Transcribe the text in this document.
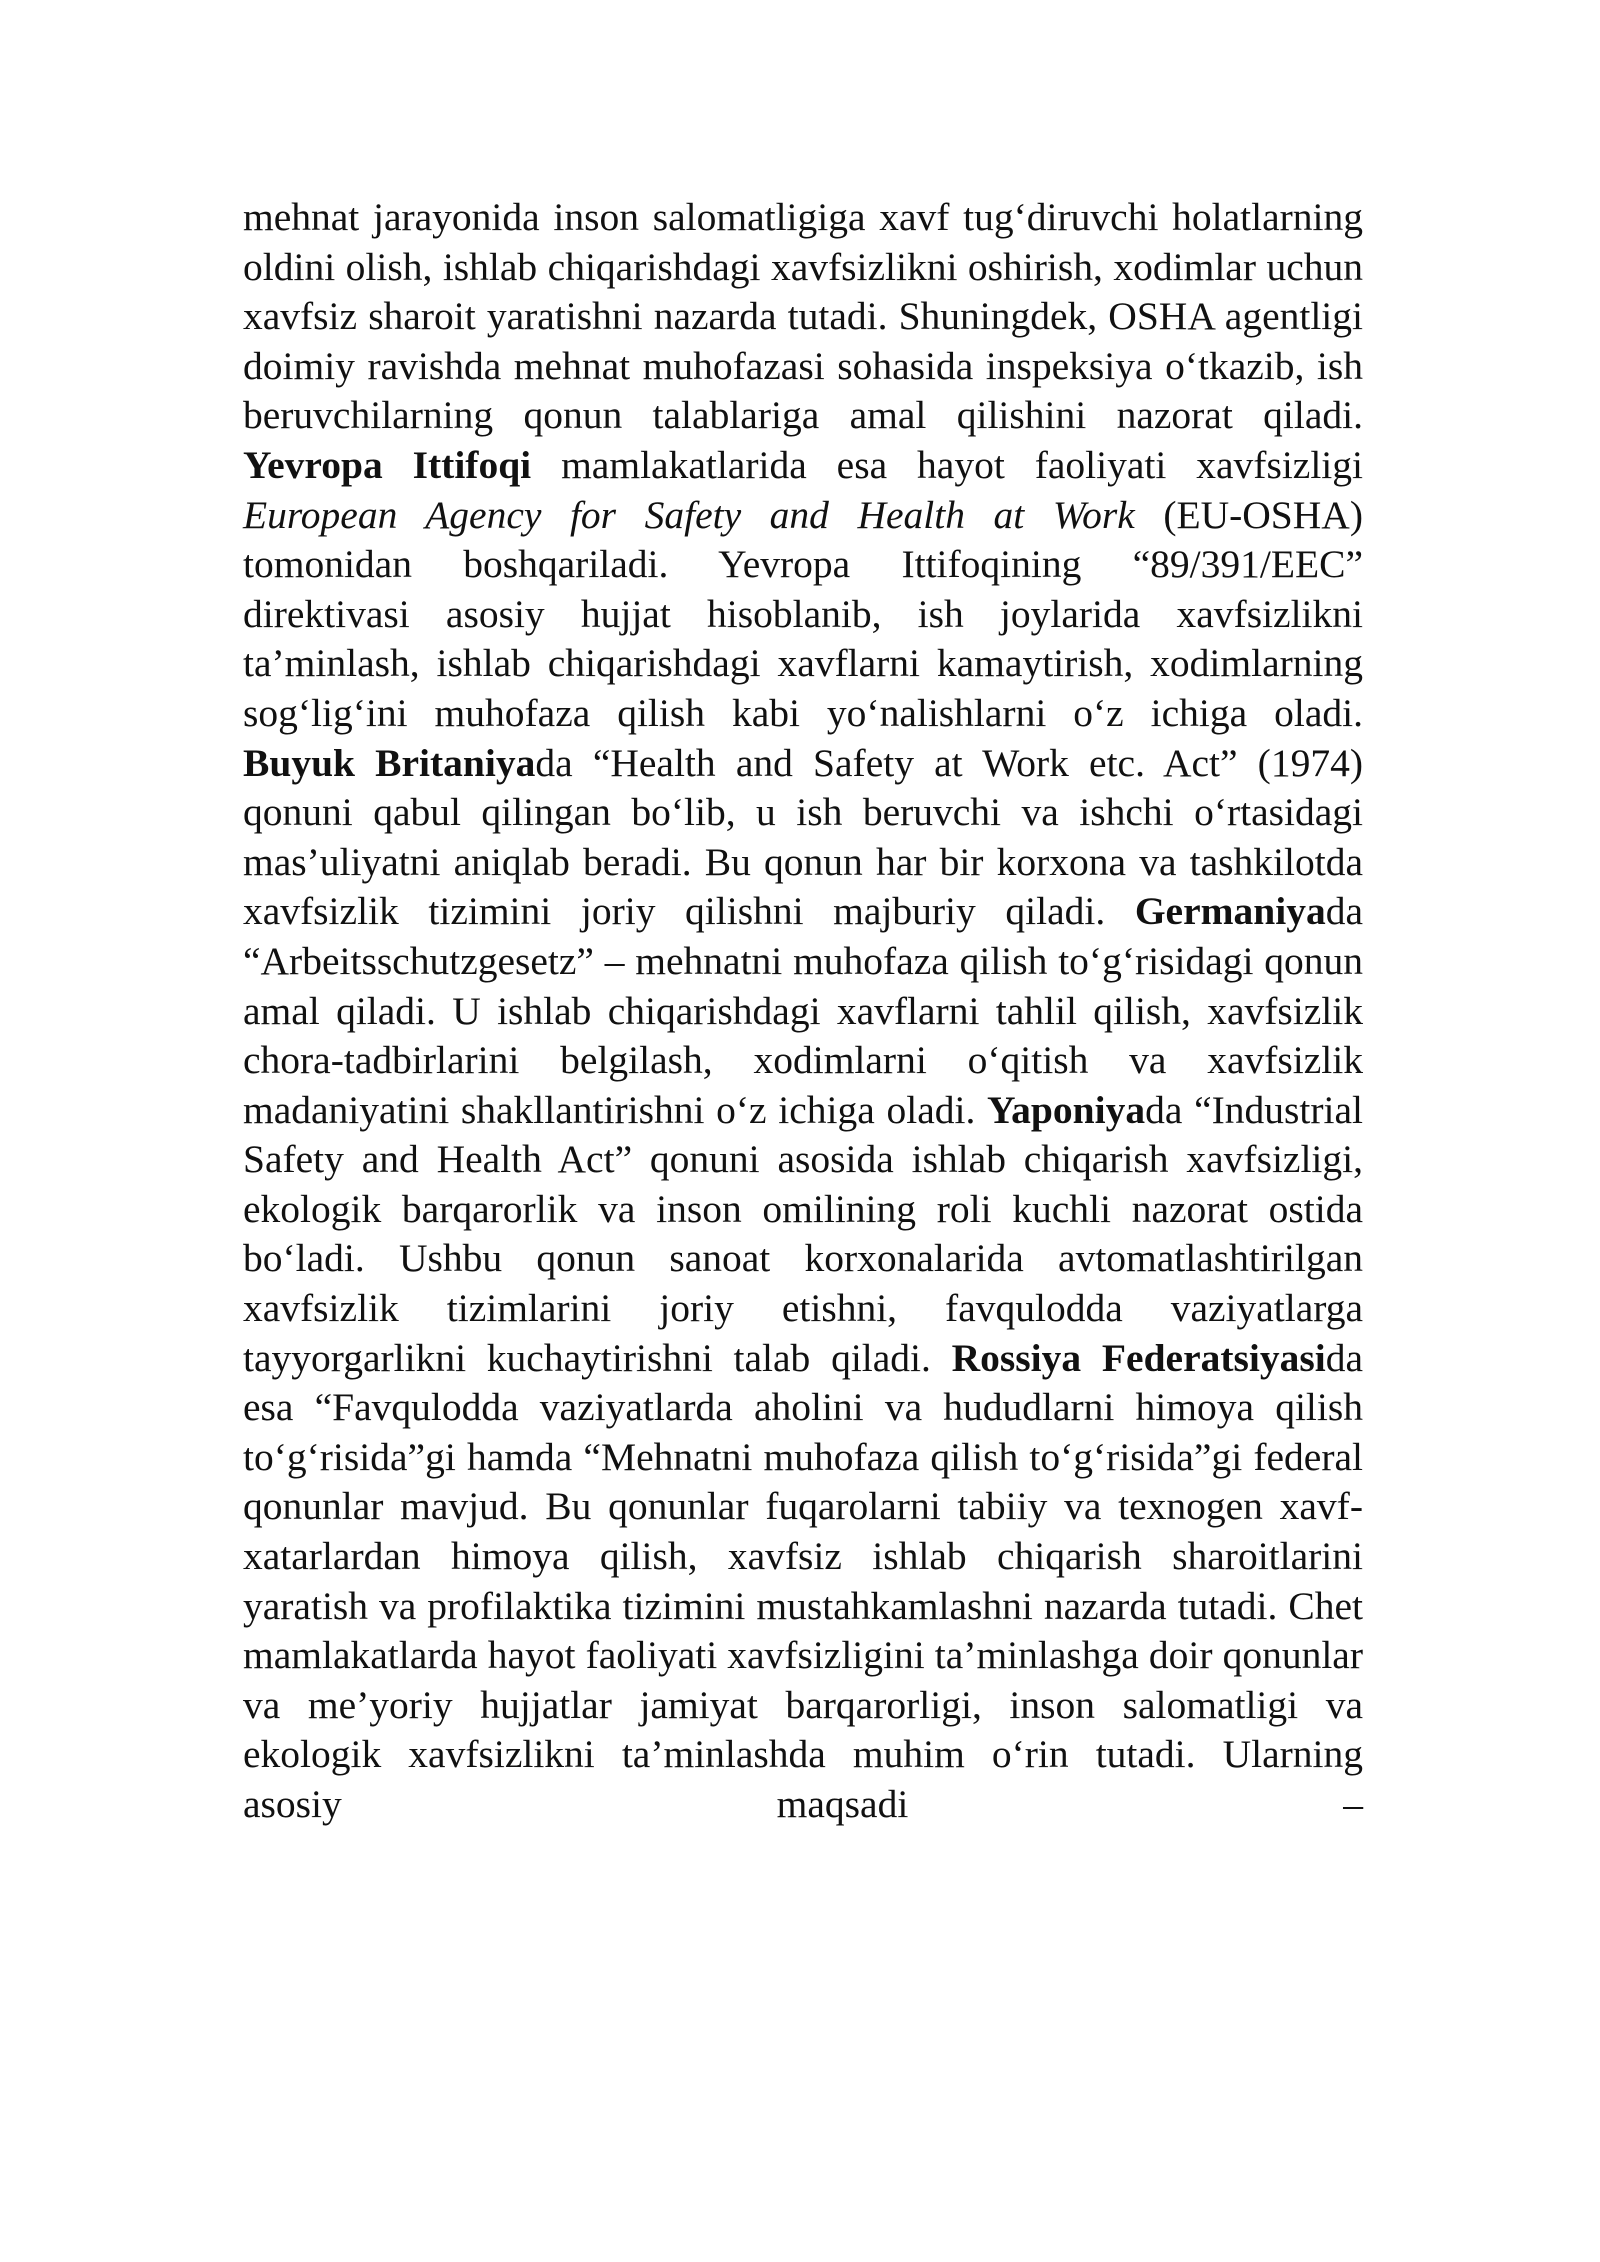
mehnat jarayonida inson salomatligiga xavf tug‘diruvchi holatlarning oldini olish, ishlab chiqarishdagi xavfsizlikni oshirish, xodimlar uchun xavfsiz sharoit yaratishni nazarda tutadi. Shuningdek, OSHA agentligi doimiy ravishda mehnat muhofazasi sohasida inspeksiya o‘tkazib, ish beruvchilarning qonun talablariga amal qilishini nazorat qiladi. Yevropa Ittifoqi mamlakatlarida esa hayot faoliyati xavfsizligi European Agency for Safety and Health at Work (EU-OSHA) tomonidan boshqariladi. Yevropa Ittifoqining “89/391/EEC” direktivasi asosiy hujjat hisoblanib, ish joylarida xavfsizlikni ta’minlash, ishlab chiqarishdagi xavflarni kamaytirish, xodimlarning sog‘lig‘ini muhofaza qilish kabi yo‘nalishlarni o‘z ichiga oladi. Buyuk Britaniyada “Health and Safety at Work etc. Act” (1974) qonuni qabul qilingan bo‘lib, u ish beruvchi va ishchi o‘rtasidagi mas’uliyatni aniqlab beradi. Bu qonun har bir korxona va tashkilotda xavfsizlik tizimini joriy qilishni majburiy qiladi. Germaniyada “Arbeitsschutzgesetz” – mehnatni muhofaza qilish to‘g‘risidagi qonun amal qiladi. U ishlab chiqarishdagi xavflarni tahlil qilish, xavfsizlik chora-tadbirlarini belgilash, xodimlarni o‘qitish va xavfsizlik madaniyatini shakllantirishni o‘z ichiga oladi. Yaponiyada “Industrial Safety and Health Act” qonuni asosida ishlab chiqarish xavfsizligi, ekologik barqarorlik va inson omilining roli kuchli nazorat ostida bo‘ladi. Ushbu qonun sanoat korxonalarida avtomatlashtirilgan xavfsizlik tizimlarini joriy etishni, favqulodda vaziyatlarga tayyorgarlikni kuchaytirishni talab qiladi. Rossiya Federatsiyasida esa “Favqulodda vaziyatlarda aholini va hududlarni himoya qilish to‘g‘risida”gi hamda “Mehnatni muhofaza qilish to‘g‘risida”gi federal qonunlar mavjud. Bu qonunlar fuqarolarni tabiiy va texnogen xavf-xatarlardan himoya qilish, xavfsiz ishlab chiqarish sharoitlarini yaratish va profilaktika tizimini mustahkamlashni nazarda tutadi. Chet mamlakatlarda hayot faoliyati xavfsizligini ta’minlashga doir qonunlar va me’yoriy hujjatlar jamiyat barqarorligi, inson salomatligi va ekologik xavfsizlikni ta’minlashda muhim o‘rin tutadi. Ularning asosiy maqsadi –
